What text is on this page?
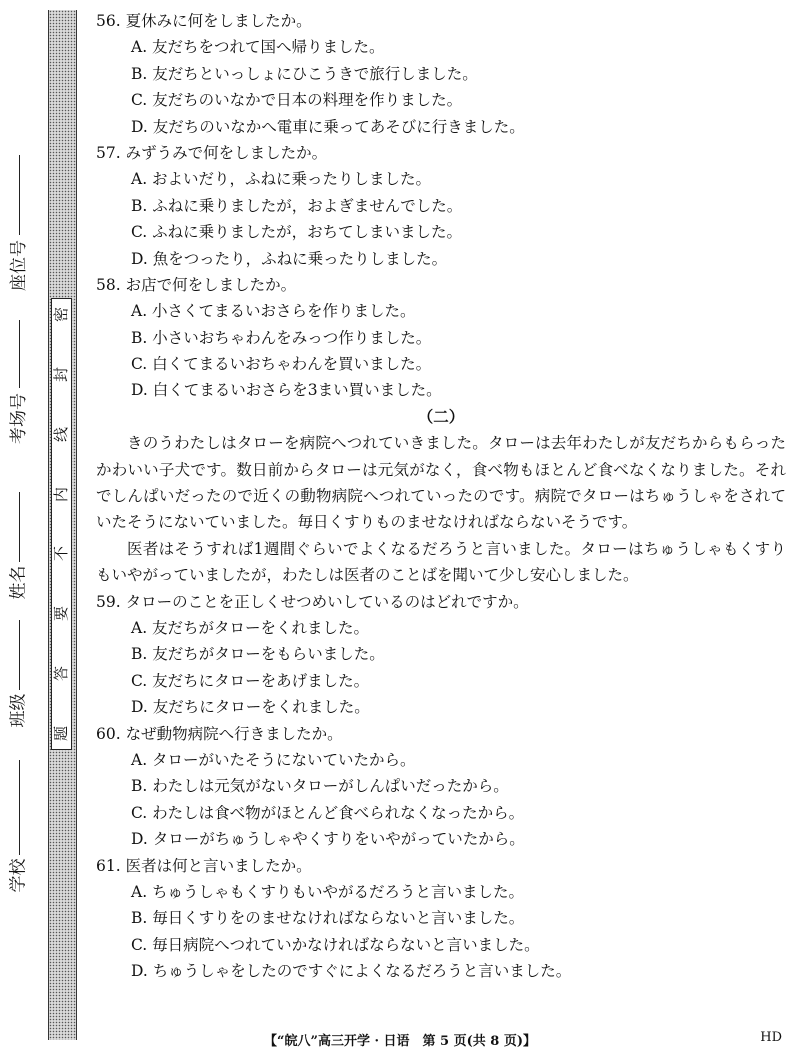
密
封
线
内
不
要
答
题
座位号
考场号
姓名
班级
学校
56. 夏休みに何をしましたか。
A. 友だちをつれて国へ帰りました。
B. 友だちといっしょにひこうきで旅行しました。
C. 友だちのいなかで日本の料理を作りました。
D. 友だちのいなかへ電車に乗ってあそびに行きました。
57. みずうみで何をしましたか。
A. およいだり，ふねに乗ったりしました。
B. ふねに乗りましたが，およぎませんでした。
C. ふねに乗りましたが，おちてしまいました。
D. 魚をつったり，ふねに乗ったりしました。
58. お店で何をしましたか。
A. 小さくてまるいおさらを作りました。
B. 小さいおちゃわんをみっつ作りました。
C. 白くてまるいおちゃわんを買いました。
D. 白くてまるいおさらを3まい買いました。
（二）
きのうわたしはタローを病院へつれていきました。タローは去年わたしが友だちからもらったかわいい子犬です。数日前からタローは元気がなく，食べ物もほとんど食べなくなりました。それでしんぱいだったので近くの動物病院へつれていったのです。病院でタローはちゅうしゃをされていたそうにないていました。毎日くすりものませなければならないそうです。
医者はそうすれば1週間ぐらいでよくなるだろうと言いました。タローはちゅうしゃもくすりもいやがっていましたが，わたしは医者のことばを聞いて少し安心しました。
59. タローのことを正しくせつめいしているのはどれですか。
A. 友だちがタローをくれました。
B. 友だちがタローをもらいました。
C. 友だちにタローをあげました。
D. 友だちにタローをくれました。
60. なぜ動物病院へ行きましたか。
A. タローがいたそうにないていたから。
B. わたしは元気がないタローがしんぱいだったから。
C. わたしは食べ物がほとんど食べられなくなったから。
D. タローがちゅうしゃやくすりをいやがっていたから。
61. 医者は何と言いましたか。
A. ちゅうしゃもくすりもいやがるだろうと言いました。
B. 毎日くすりをのませなければならないと言いました。
C. 毎日病院へつれていかなければならないと言いました。
D. ちゅうしゃをしたのですぐによくなるだろうと言いました。
【“皖八”高三开学 · 日语　第 5 页(共 8 页)】	HD
